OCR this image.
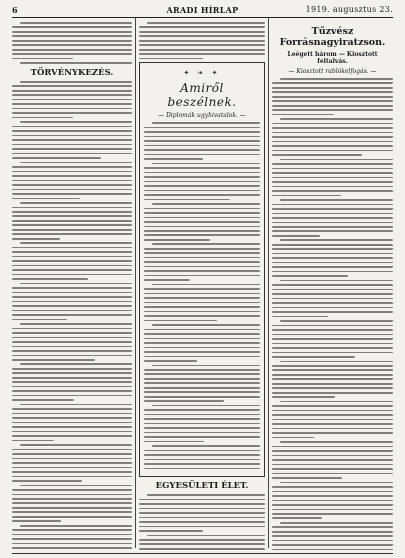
6	ARADI HÍRLAP	1919. augusztus 23.
TÖRVÉNYKEZÉS.	✦ ❧ ✦
Amiről beszélnek.
— Diplomák ugyhivatalok. —
EGYESÜLETI ÉLET.
Tűzvész Forrásnagyiratzson.
Leégett három — Kiosztott feltalvás.
— Kiosztott rablókelfogás. —
